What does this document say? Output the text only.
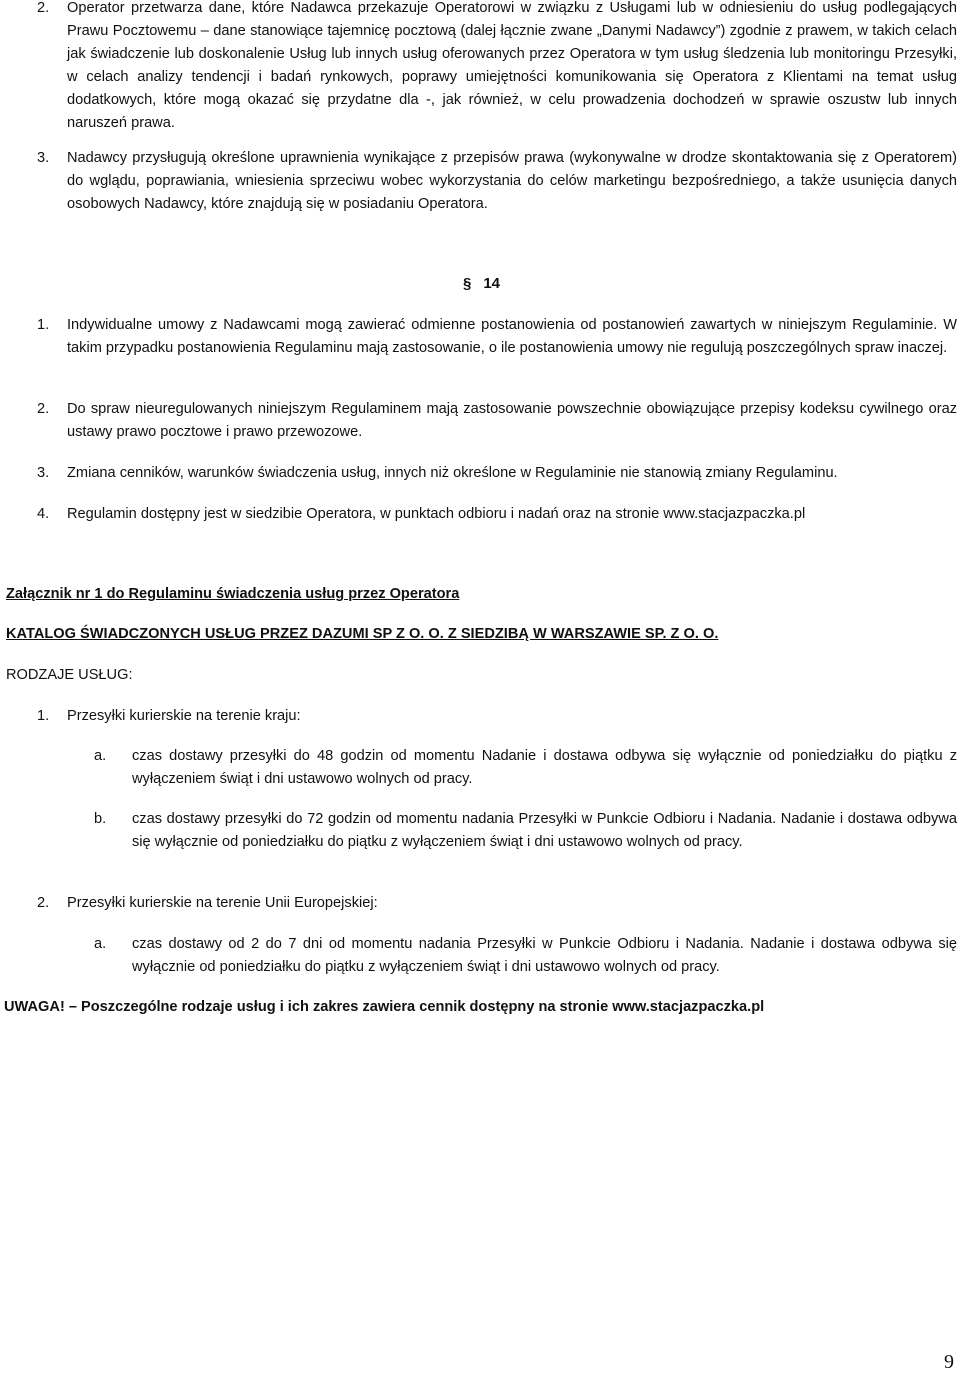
2.	Operator przetwarza dane, które Nadawca przekazuje Operatorowi w związku z Usługami lub w odniesieniu do usług podlegających Prawu Pocztowemu – dane stanowiące tajemnicę pocztową (dalej łącznie zwane „Danymi Nadawcy”) zgodnie z prawem, w takich celach jak świadczenie lub doskonalenie Usług lub innych usług oferowanych przez Operatora w tym usług śledzenia lub monitoringu Przesyłki, w celach analizy tendencji i badań rynkowych, poprawy umiejętności komunikowania się Operatora z Klientami na temat usług dodatkowych, które mogą okazać się przydatne dla -, jak również, w celu prowadzenia dochodzeń w sprawie oszustw lub innych naruszeń prawa.
3.	Nadawcy przysługują określone uprawnienia wynikające z przepisów prawa (wykonywalne w drodze skontaktowania się z Operatorem) do wglądu, poprawiania, wniesienia sprzeciwu wobec wykorzystania do celów marketingu bezpośredniego, a także usunięcia danych osobowych Nadawcy, które znajdują się w posiadaniu Operatora.
§ 14
1.	Indywidualne umowy z Nadawcami mogą zawierać odmienne postanowienia od postanowień zawartych w niniejszym Regulaminie. W takim przypadku postanowienia Regulaminu mają zastosowanie, o ile postanowienia umowy nie regulują poszczególnych spraw inaczej.
2.	Do spraw nieuregulowanych niniejszym Regulaminem mają zastosowanie powszechnie obowiązujące przepisy kodeksu cywilnego oraz ustawy prawo pocztowe i prawo przewozowe.
3.	Zmiana cenników, warunków świadczenia usług, innych niż określone w Regulaminie nie stanowią zmiany Regulaminu.
4.	Regulamin dostępny jest w siedzibie Operatora, w punktach odbioru i nadań oraz na stronie www.stacjazpaczka.pl
Załącznik nr 1 do Regulaminu świadczenia usług przez Operatora
KATALOG ŚWIADCZONYCH USŁUG PRZEZ DAZUMI SP Z O. O. Z SIEDZIBĄ W WARSZAWIE SP. Z O. O.
RODZAJE USŁUG:
1.	Przesyłki kurierskie na terenie kraju:
a.	czas dostawy przesyłki do 48 godzin od momentu Nadanie i dostawa odbywa się wyłącznie od poniedziałku do piątku z wyłączeniem świąt i dni ustawowo wolnych od pracy.
b.	czas dostawy przesyłki do 72 godzin od momentu nadania Przesyłki w Punkcie Odbioru i Nadania. Nadanie i dostawa odbywa się wyłącznie od poniedziałku do piątku z wyłączeniem świąt i dni ustawowo wolnych od pracy.
2.	Przesyłki kurierskie na terenie Unii Europejskiej:
a.	czas dostawy od 2 do 7 dni od momentu nadania Przesyłki w Punkcie Odbioru i Nadania. Nadanie i dostawa odbywa się wyłącznie od poniedziałku do piątku z wyłączeniem świąt i dni ustawowo wolnych od pracy.
UWAGA! – Poszczególne rodzaje usług i ich zakres zawiera cennik dostępny na stronie www.stacjazpaczka.pl
9
